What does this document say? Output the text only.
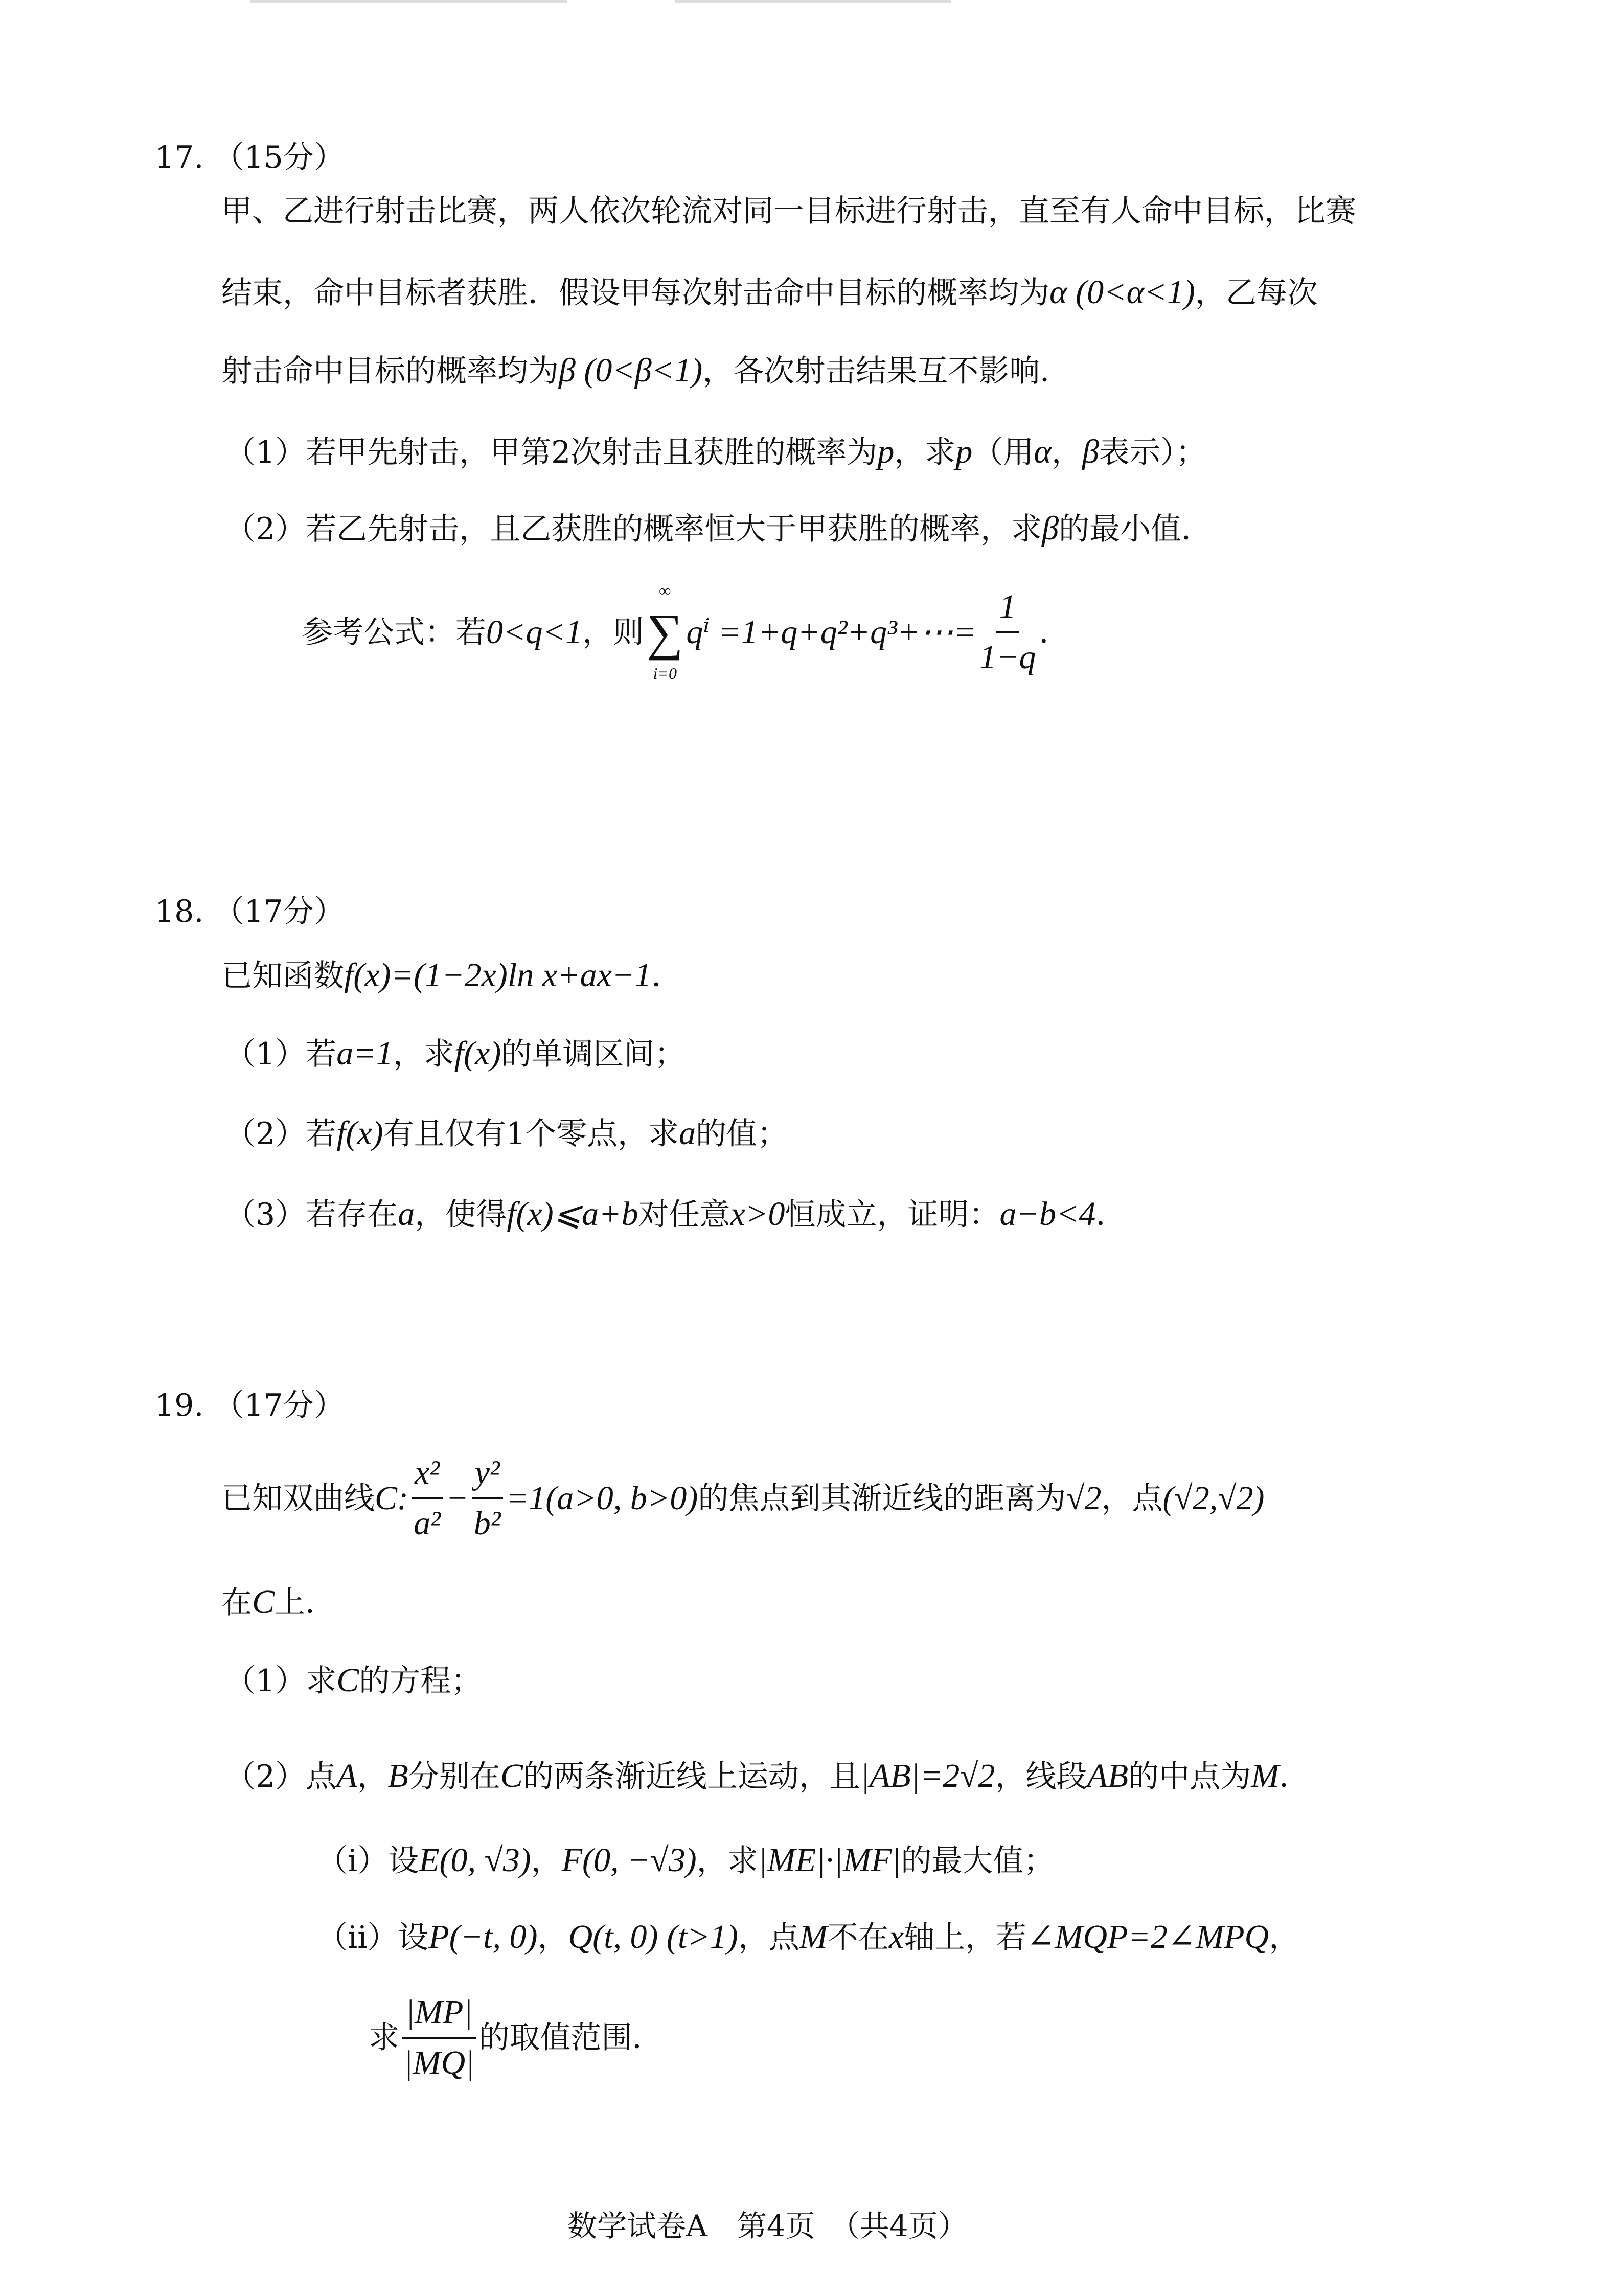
17. （15分）
甲、乙进行射击比赛，两人依次轮流对同一目标进行射击，直至有人命中目标，比赛
结束，命中目标者获胜．假设甲每次射击命中目标的概率均为α (0<α<1)，乙每次
射击命中目标的概率均为β (0<β<1)，各次射击结果互不影响．
（1）若甲先射击，甲第2次射击且获胜的概率为p，求p（用α，β表示）；
（2）若乙先射击，且乙获胜的概率恒大于甲获胜的概率，求β的最小值．
参考公式：若 0<q<1 ，则
∞
∑
i=0
qⁱ =1+q+q²+q³+⋯= $\frac{1}{1-q}$ ．
18. （17分）
已知函数f(x)=(1−2x)ln x+ax−1．
（1）若a=1，求f(x)的单调区间；
（2）若f(x)有且仅有1个零点，求a的值；
（3）若存在a，使得f(x)⩽a+b对任意x>0恒成立，证明：a−b<4．
19. （17分）
已知双曲线 C: $\frac{\text{x²}}{\text{a²}} - \frac{\text{y²}}{\text{b²}} =1(a>0$, b>0) 的焦点到其渐近线的距离为 √2 ，点 (√2,√2)
在C上．
（1）求C的方程；
（2）点A，B分别在C的两条渐近线上运动，且|AB|=2√2，线段AB的中点为M．
（i）设E(0, √3)，F(0, −√3)，求|ME|·|MF|的最大值；
（ii）设P(−t, 0)，Q(t, 0) (t>1)，点M不在x轴上，若∠MQP=2∠MPQ，
求 $\frac{|MP|}{|MQ|}$ 的取值范围．
数学试卷A　第4页　（共4页）
